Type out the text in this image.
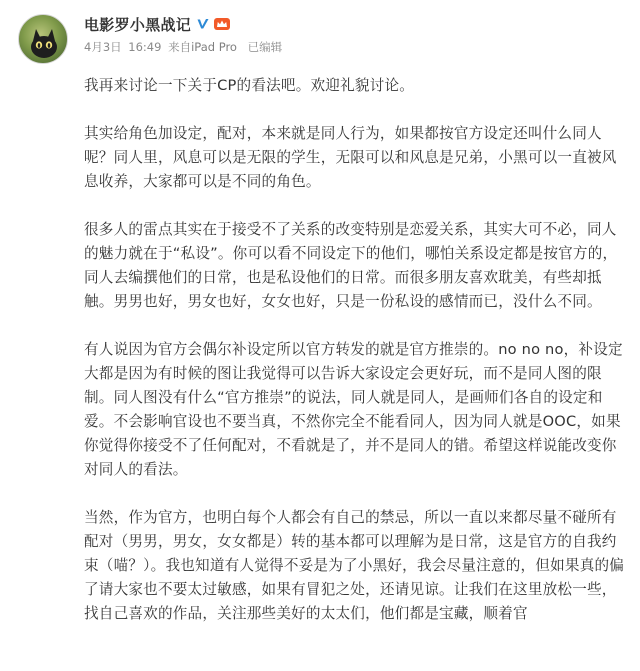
电影罗小黑战记
4月3日 16:49 来自iPad Pro 已编辑

我再来讨论一下关于CP的看法吧。欢迎礼貌讨论。

其实给角色加设定，配对，本来就是同人行为，如果都按官方设定还叫什么同人呢？同人里，风息可以是无限的学生，无限可以和风息是兄弟，小黑可以一直被风息收养，大家都可以是不同的角色。

很多人的雷点其实在于接受不了关系的改变特别是恋爱关系，其实大可不必，同人的魅力就在于“私设”。你可以看不同设定下的他们，哪怕关系设定都是按官方的，同人去编撰他们的日常，也是私设他们的日常。而很多朋友喜欢耽美，有些却抵触。男男也好，男女也好，女女也好，只是一份私设的感情而已，没什么不同。

有人说因为官方会偶尔补设定所以官方转发的就是官方推崇的。no no no，补设定大都是因为有时候的图让我觉得可以告诉大家设定会更好玩，而不是同人图的限制。同人图没有什么“官方推崇”的说法，同人就是同人，是画师们各自的设定和爱。不会影响官设也不要当真，不然你完全不能看同人，因为同人就是OOC，如果你觉得你接受不了任何配对，不看就是了，并不是同人的错。希望这样说能改变你对同人的看法。

当然，作为官方，也明白每个人都会有自己的禁忌，所以一直以来都尽量不碰所有配对（男男，男女，女女都是）转的基本都可以理解为是日常，这是官方的自我约束（喵？）。我也知道有人觉得不妥是为了小黑好，我会尽量注意的，但如果真的偏了请大家也不要太过敏感，如果有冒犯之处，还请见谅。让我们在这里放松一些，找自己喜欢的作品，关注那些美好的太太们，他们都是宝藏，顺着官
